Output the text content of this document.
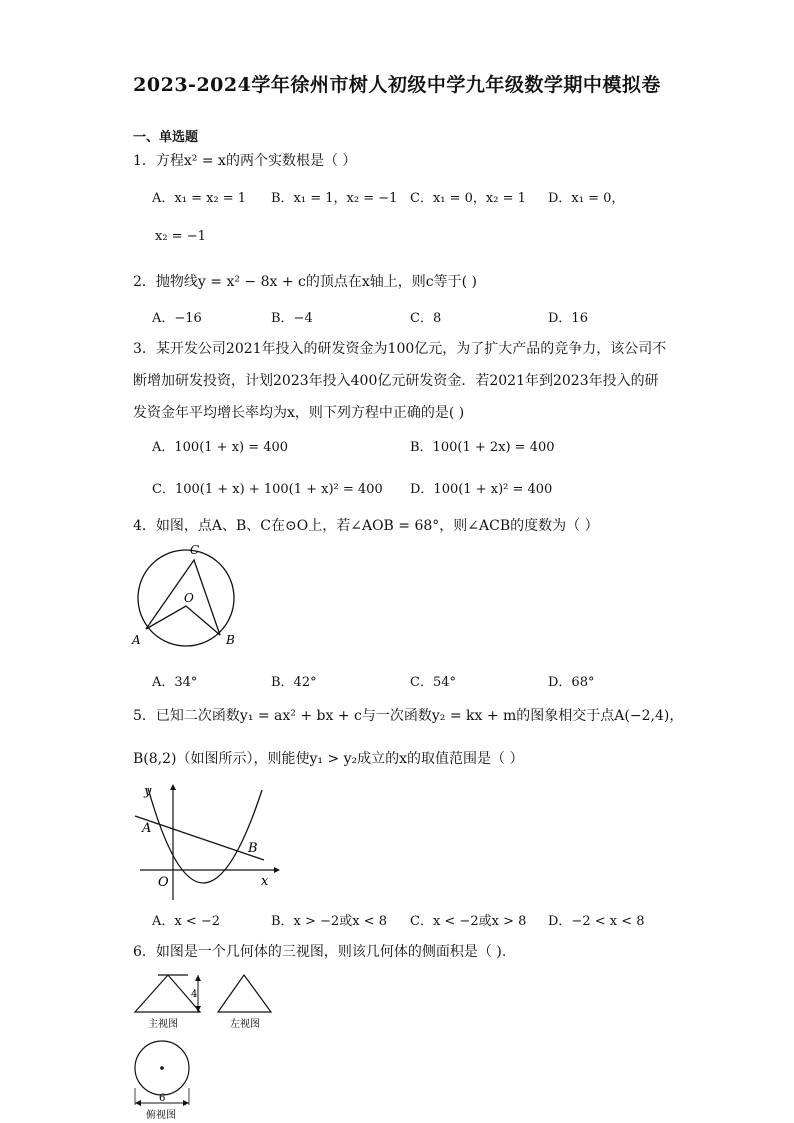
2023-2024学年徐州市树人初级中学九年级数学期中模拟卷
一、单选题
1．方程x² = x的两个实数根是（ ）
A．x₁ = x₂ = 1 B．x₁ = 1，x₂ = −1 C．x₁ = 0，x₂ = 1 D．x₁ = 0，
x₂ = −1
2．抛物线y = x² − 8x + c的顶点在x轴上，则c等于( )
A．−16	B．−4	C．8	D．16
3．某开发公司2021年投入的研发资金为100亿元，为了扩大产品的竞争力，该公司不
断增加研发投资，计划2023年投入400亿元研发资金．若2021年到2023年投入的研
发资金年平均增长率均为x，则下列方程中正确的是( )
A．100(1 + x) = 400	B．100(1 + 2x) = 400
C．100(1 + x) + 100(1 + x)² = 400 D．100(1 + x)² = 400
4．如图，点A、B、C在⊙O上，若∠AOB = 68°，则∠ACB的度数为（ ）
C
O
A	B
A．34°	B．42°	C．54°	D．68°
5．已知二次函数y₁ = ax² + bx + c与一次函数y₂ = kx + m的图象相交于点A(−2,4)，
B(8,2)（如图所示），则能使y₁ > y₂成立的x的取值范围是（ ）
y
x
O
A
B
A．x < −2	B．x > −2或x < 8 C．x < −2或x > 8 D．−2 < x < 8
6．如图是一个几何体的三视图，则该几何体的侧面积是（ ).
4
主视图	左视图
6
俯视图
